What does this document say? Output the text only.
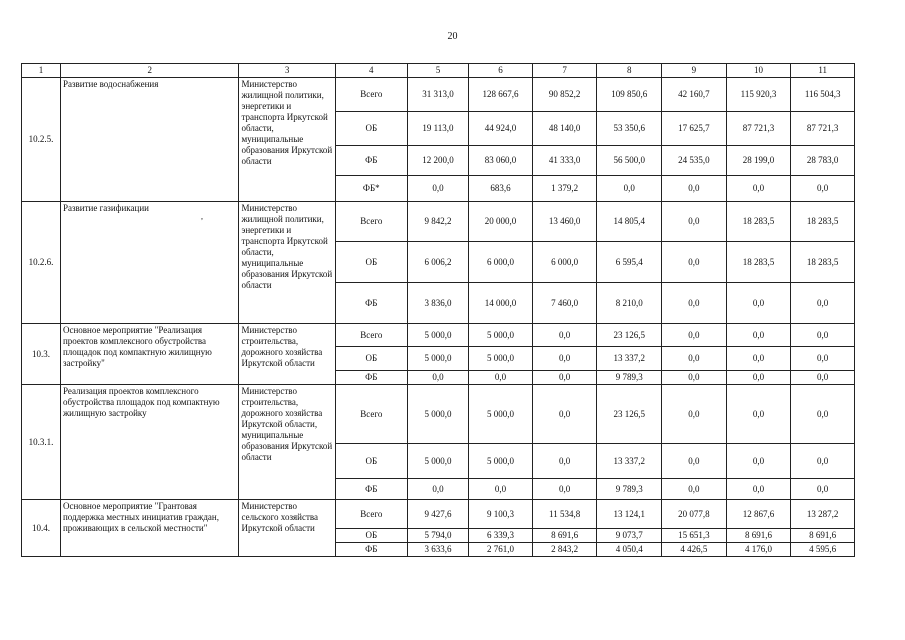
20
1	2	3	4	5	6	7	8	9	10	11
10.2.5.	Развитие водоснабжения	Министерство жилищной политики, энергетики и транспорта Иркутской области, муниципальные образования Иркутской области	Всего	31 313,0	128 667,6	90 852,2	109 850,6	42 160,7	115 920,3	116 504,3
			ОБ	19 113,0	44 924,0	48 140,0	53 350,6	17 625,7	87 721,3	87 721,3
			ФБ	12 200,0	83 060,0	41 333,0	56 500,0	24 535,0	28 199,0	28 783,0
			ФБ*	0,0	683,6	1 379,2	0,0	0,0	0,0	0,0
10.2.6.	Развитие газификации	Министерство жилищной политики, энергетики и транспорта Иркутской области, муниципальные образования Иркутской области	Всего	9 842,2	20 000,0	13 460,0	14 805,4	0,0	18 283,5	18 283,5
			ОБ	6 006,2	6 000,0	6 000,0	6 595,4	0,0	18 283,5	18 283,5
			ФБ	3 836,0	14 000,0	7 460,0	8 210,0	0,0	0,0	0,0
10.3.	Основное мероприятие "Реализация проектов комплексного обустройства площадок под компактную жилищную застройку"	Министерство строительства, дорожного хозяйства Иркутской области	Всего	5 000,0	5 000,0	0,0	23 126,5	0,0	0,0	0,0
			ОБ	5 000,0	5 000,0	0,0	13 337,2	0,0	0,0	0,0
			ФБ	0,0	0,0	0,0	9 789,3	0,0	0,0	0,0
10.3.1.	Реализация проектов комплексного обустройства площадок под компактную жилищную застройку	Министерство строительства, дорожного хозяйства Иркутской области, муниципальные образования Иркутской области	Всего	5 000,0	5 000,0	0,0	23 126,5	0,0	0,0	0,0
			ОБ	5 000,0	5 000,0	0,0	13 337,2	0,0	0,0	0,0
			ФБ	0,0	0,0	0,0	9 789,3	0,0	0,0	0,0
10.4.	Основное мероприятие "Грантовая поддержка местных инициатив граждан, проживающих в сельской местности"	Министерство сельского хозяйства Иркутской области	Всего	9 427,6	9 100,3	11 534,8	13 124,1	20 077,8	12 867,6	13 287,2
			ОБ	5 794,0	6 339,3	8 691,6	9 073,7	15 651,3	8 691,6	8 691,6
			ФБ	3 633,6	2 761,0	2 843,2	4 050,4	4 426,5	4 176,0	4 595,6
,
